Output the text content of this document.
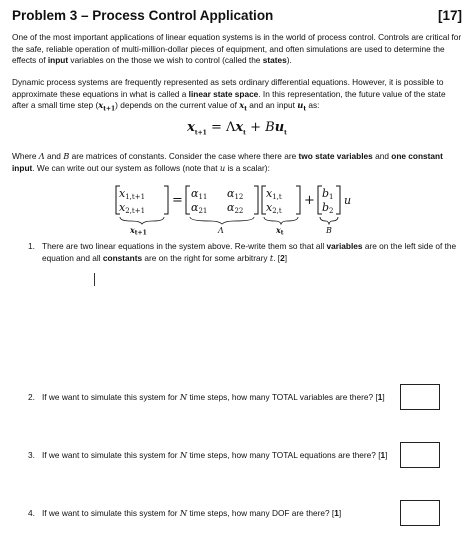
Problem 3 – Process Control Application	[17]
One of the most important applications of linear equation systems is in the world of process control. Controls are critical for the safe, reliable operation of multi-million-dollar pieces of equipment, and often simulations are used to determine the effects of input variables on the those we wish to control (called the states).
Dynamic process systems are frequently represented as sets ordinary differential equations. However, it is possible to approximate these equations in what is called a linear state space. In this representation, the future value of the state after a small time step $(x_{t+1})$ depends on the current value of $x_t$ and an input $u_t$ as:
$x_{t+1} = \Lambda x_t + Bu_t$
Where Λ and B are matrices of constants. Consider the case where there are two state variables and one constant input. We can write out our system as follows (note that u is a scalar):
x1,t+1
x2,t+1
xt+1
= α11 α12
α21 α22
Λ
x1,t
x2,t
xt
+ b1
b2
B
u
1. There are two linear equations in the system above. Re-write them so that all variables are on the left side of the equation and all constants are on the right for some arbitrary t. [2]
2. If we want to simulate this system for N time steps, how many TOTAL variables are there? [1]
3. If we want to simulate this system for N time steps, how many TOTAL equations are there? [1]
4. If we want to simulate this system for N time steps, how many DOF are there? [1]
